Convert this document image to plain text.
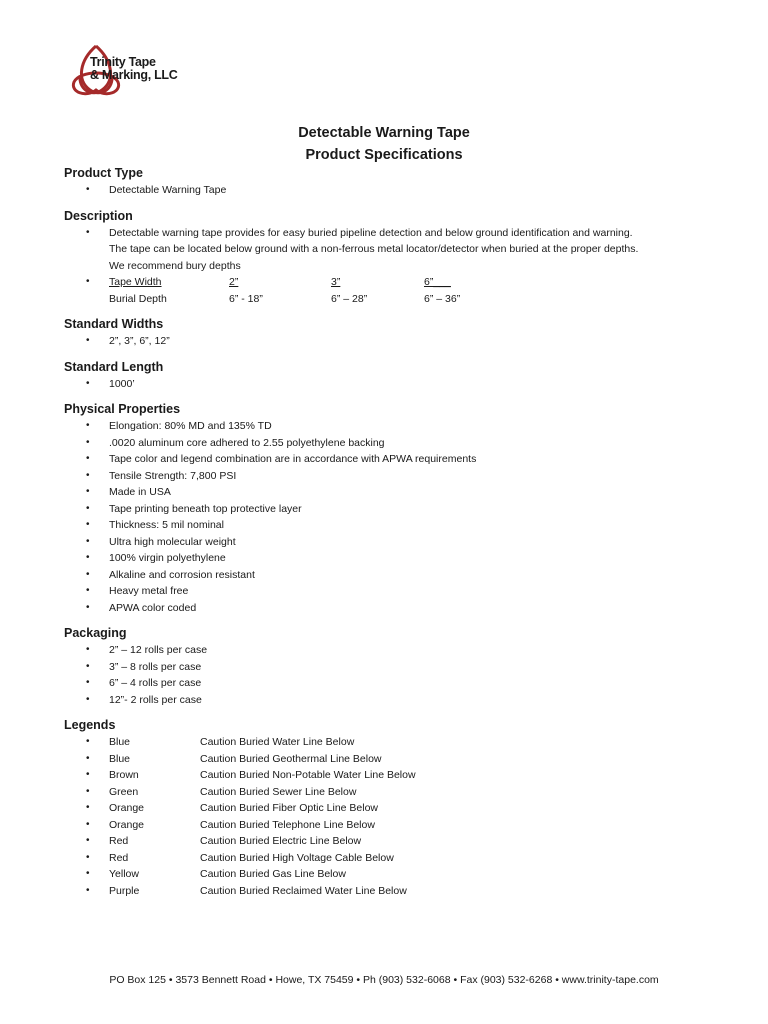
Trinity Tape
& Marking, LLC
Detectable Warning Tape
Product Specifications
Product Type
• Detectable Warning Tape
Description
• Detectable warning tape provides for easy buried pipeline detection and below ground identification and warning.
The tape can be located below ground with a non-ferrous metal locator/detector when buried at the proper depths.
We recommend bury depths
• Tape Width	2”	3”	6”___
Burial Depth	6” - 18”	6” – 28”	6” – 36”
Standard Widths
• 2”, 3”, 6”, 12”
Standard Length
• 1000’
Physical Properties
• Elongation: 80% MD and 135% TD
• .0020 aluminum core adhered to 2.55 polyethylene backing
• Tape color and legend combination are in accordance with APWA requirements
• Tensile Strength: 7,800 PSI
• Made in USA
• Tape printing beneath top protective layer
• Thickness: 5 mil nominal
• Ultra high molecular weight
• 100% virgin polyethylene
• Alkaline and corrosion resistant
• Heavy metal free
• APWA color coded
Packaging
• 2” – 12 rolls per case
• 3” – 8 rolls per case
• 6” – 4 rolls per case
• 12”- 2 rolls per case
Legends
• Blue	Caution Buried Water Line Below
• Blue	Caution Buried Geothermal Line Below
• Brown	Caution Buried Non-Potable Water Line Below
• Green	Caution Buried Sewer Line Below
• Orange	Caution Buried Fiber Optic Line Below
• Orange	Caution Buried Telephone Line Below
• Red	Caution Buried Electric Line Below
• Red	Caution Buried High Voltage Cable Below
• Yellow	Caution Buried Gas Line Below
• Purple	Caution Buried Reclaimed Water Line Below
PO Box 125 • 3573 Bennett Road • Howe, TX 75459 • Ph (903) 532-6068 • Fax (903) 532-6268 • www.trinity-tape.com
